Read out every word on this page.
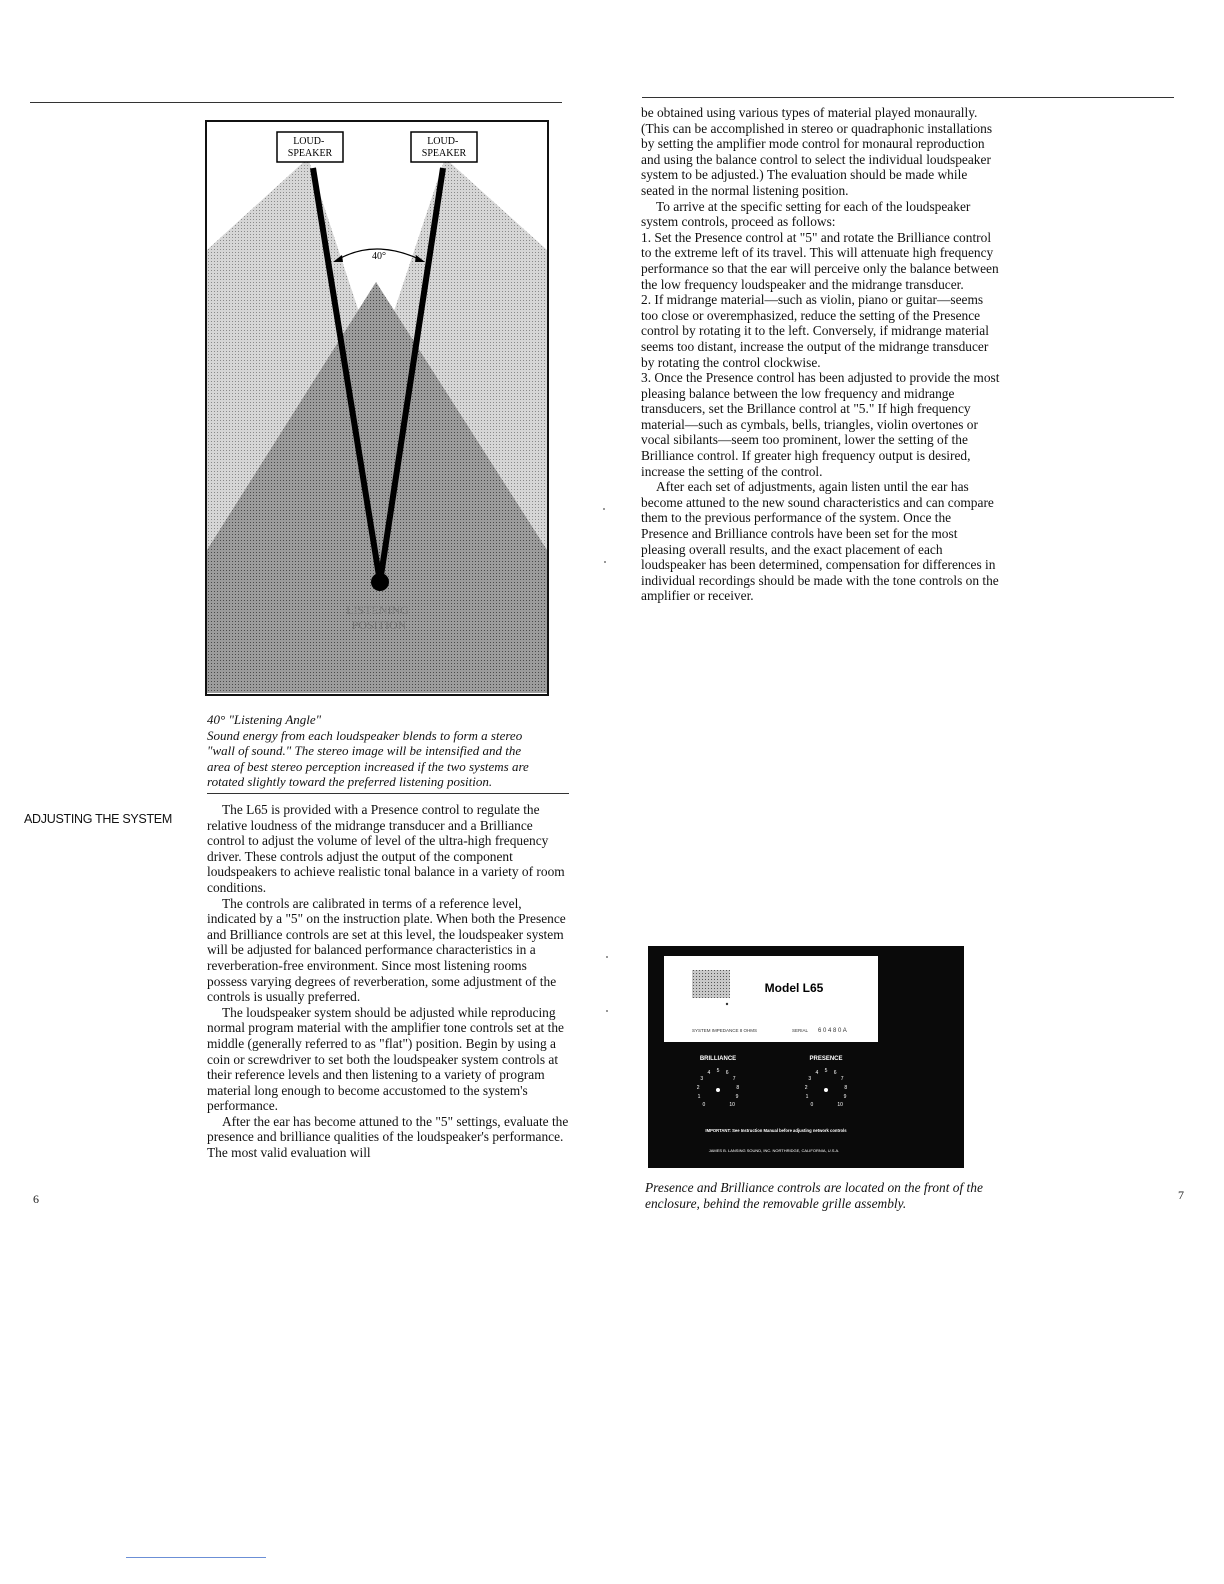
40°
LOUD- SPEAKER
LOUD- SPEAKER
LISTENING POSITION
40° "Listening Angle"
Sound energy from each loudspeaker blends to form a stereo
"wall of sound." The stereo image will be intensified and the
area of best stereo perception increased if the two systems are
rotated slightly toward the preferred listening position.
ADJUSTING THE SYSTEM

The L65 is provided with a Presence control to regulate the relative loudness of the midrange transducer and a Brilliance control to adjust the volume of level of the ultra-high frequency driver. These controls adjust the output of the component loudspeakers to achieve realistic tonal balance in a variety of room conditions.

The controls are calibrated in terms of a reference level, indicated by a "5" on the instruction plate. When both the Presence and Brilliance controls are set at this level, the loudspeaker system will be adjusted for balanced performance characteristics in a reverberation-free environment. Since most listening rooms possess varying degrees of reverberation, some adjustment of the controls is usually preferred.

The loudspeaker system should be adjusted while reproducing normal program material with the amplifier tone controls set at the middle (generally referred to as "flat") position. Begin by using a coin or screwdriver to set both the loudspeaker system controls at their reference levels and then listening to a variety of program material long enough to become accustomed to the system's performance.

After the ear has become attuned to the "5" settings, evaluate the presence and brilliance qualities of the loudspeaker's performance. The most valid evaluation will

6

be obtained using various types of material played monaurally. (This can be accomplished in stereo or quadraphonic installations by setting the amplifier mode control for monaural reproduction and using the balance control to select the individual loudspeaker system to be adjusted.) The evaluation should be made while seated in the normal listening position.

To arrive at the specific setting for each of the loudspeaker system controls, proceed as follows:

1. Set the Presence control at "5" and rotate the Brilliance control to the extreme left of its travel. This will attenuate high frequency performance so that the ear will perceive only the balance between the low frequency loudspeaker and the midrange transducer.

2. If midrange material—such as violin, piano or guitar—seems too close or overemphasized, reduce the setting of the Presence control by rotating it to the left. Conversely, if midrange material seems too distant, increase the output of the midrange transducer by rotating the control clockwise.

3. Once the Presence control has been adjusted to provide the most pleasing balance between the low frequency and midrange transducers, set the Brillance control at "5." If high frequency material—such as cymbals, bells, triangles, violin overtones or vocal sibilants—seem too prominent, lower the setting of the Brilliance control. If greater high frequency output is desired, increase the setting of the control.

After each set of adjustments, again listen until the ear has become attuned to the new sound characteristics and can compare them to the previous performance of the system. Once the Presence and Brilliance controls have been set for the most pleasing overall results, and the exact placement of each loudspeaker has been determined, compensation for differences in individual recordings should be made with the tone controls on the amplifier or receiver.

Model L65
SYSTEM IMPEDANCE 8 OHMS	SERIAL 6 0 4 8 0 A
BRILLIANCE	PRESENCE
0
1
2
3
4 5 6
7
8
9
10	0
1
2
3
4 5 6
7
8
9
10
IMPORTANT: See Instruction Manual before adjusting network controls
JAMES B. LANSING SOUND, INC. NORTHRIDGE, CALIFORNIA, U.S.A.
Presence and Brilliance controls are located on the front of the
enclosure, behind the removable grille assembly.
7
